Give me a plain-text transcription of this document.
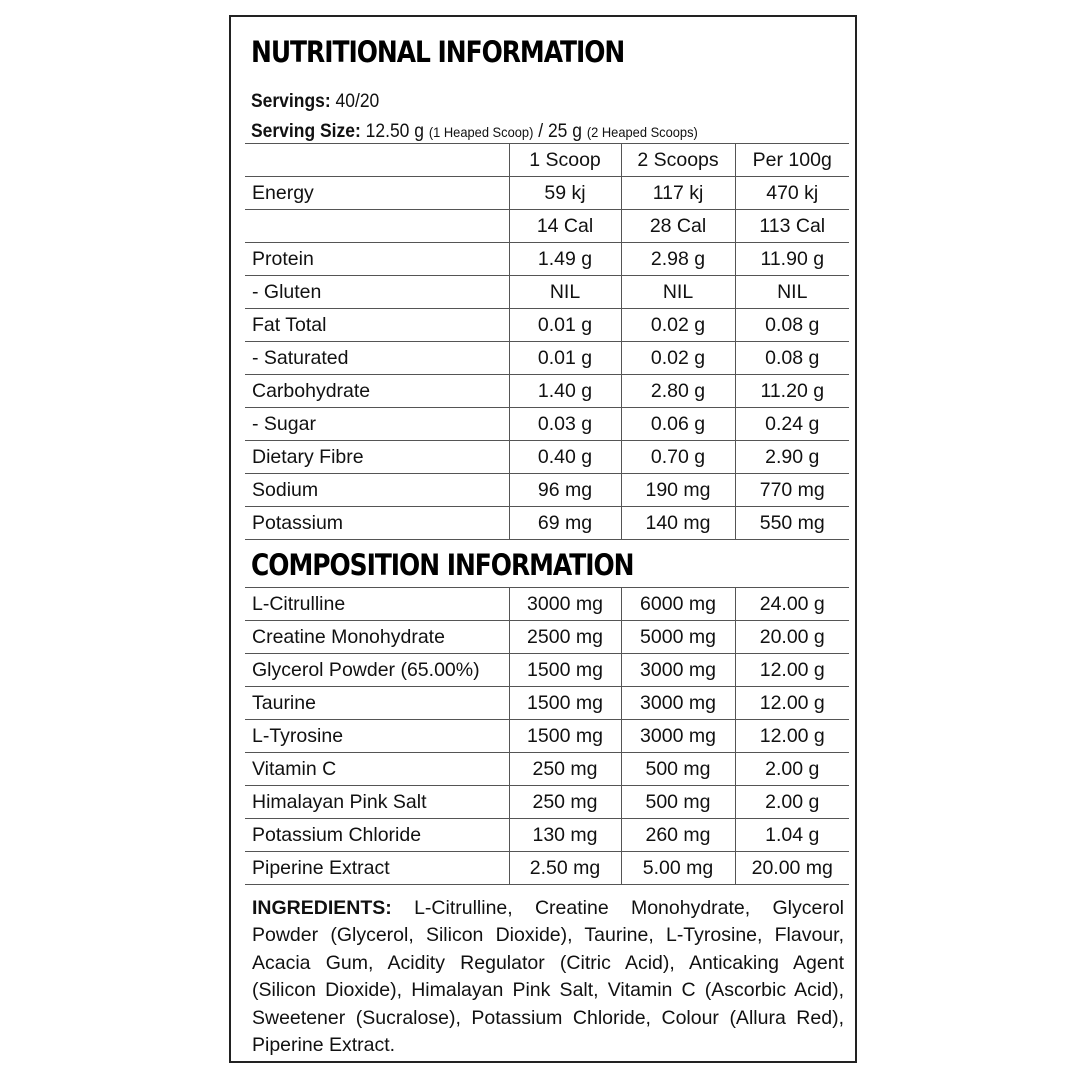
NUTRITIONAL INFORMATION
Servings: 40/20
Serving Size: 12.50 g (1 Heaped Scoop) / 25 g (2 Heaped Scoops)
	1 Scoop	2 Scoops	Per 100g
Energy	59 kj	117 kj	470 kj
	14 Cal	28 Cal	113 Cal
Protein	1.49 g	2.98 g	11.90 g
- Gluten	NIL	NIL	NIL
Fat Total	0.01 g	0.02 g	0.08 g
- Saturated	0.01 g	0.02 g	0.08 g
Carbohydrate	1.40 g	2.80 g	11.20 g
- Sugar	0.03 g	0.06 g	0.24 g
Dietary Fibre	0.40 g	0.70 g	2.90 g
Sodium	96 mg	190 mg	770 mg
Potassium	69 mg	140 mg	550 mg
COMPOSITION INFORMATION
L-Citrulline	3000 mg	6000 mg	24.00 g
Creatine Monohydrate	2500 mg	5000 mg	20.00 g
Glycerol Powder (65.00%)	1500 mg	3000 mg	12.00 g
Taurine	1500 mg	3000 mg	12.00 g
L-Tyrosine	1500 mg	3000 mg	12.00 g
Vitamin C	250 mg	500 mg	2.00 g
Himalayan Pink Salt	250 mg	500 mg	2.00 g
Potassium Chloride	130 mg	260 mg	1.04 g
Piperine Extract	2.50 mg	5.00 mg	20.00 mg
INGREDIENTS: L-Citrulline, Creatine Monohydrate, Glycerol Powder (Glycerol, Silicon Dioxide), Taurine, L-Tyrosine, Flavour, Acacia Gum, Acidity Regulator (Citric Acid), Anticaking Agent (Silicon Dioxide), Himalayan Pink Salt, Vitamin C (Ascorbic Acid), Sweetener (Sucralose), Potassium Chloride, Colour (Allura Red), Piperine Extract.
